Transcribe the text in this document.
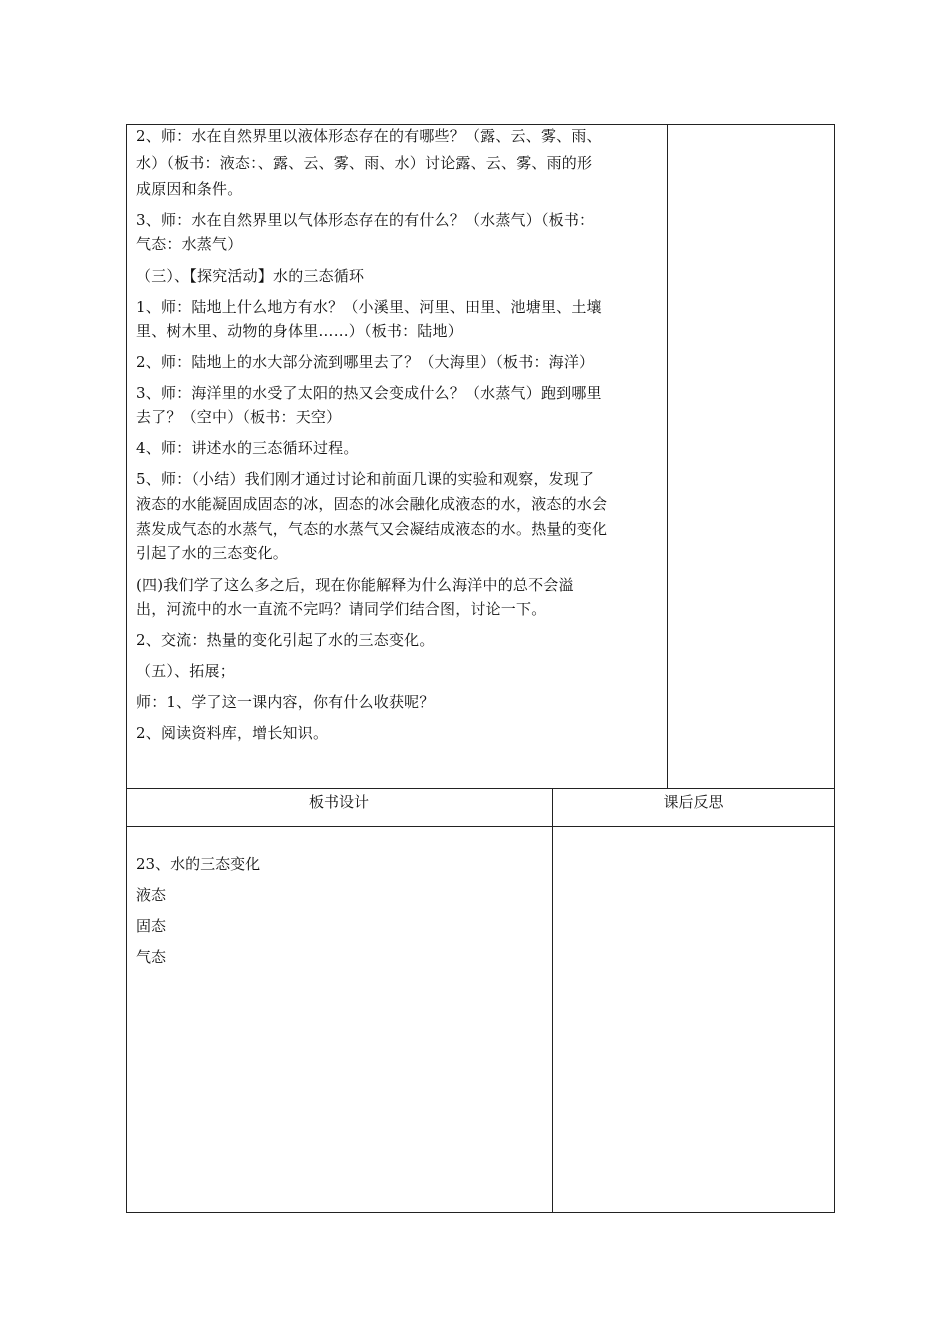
2、师：水在自然界里以液体形态存在的有哪些？（露、云、雾、雨、
水）（板书：液态：、露、云、雾、雨、水）讨论露、云、雾、雨的形
成原因和条件。
3、师：水在自然界里以气体形态存在的有什么？（水蒸气）（板书：
气态：水蒸气）
（三）、【探究活动】水的三态循环
1、师：陆地上什么地方有水？（小溪里、河里、田里、池塘里、土壤
里、树木里、动物的身体里……）（板书：陆地）
2、师：陆地上的水大部分流到哪里去了？（大海里）（板书：海洋）
3、师：海洋里的水受了太阳的热又会变成什么？（水蒸气）跑到哪里
去了？（空中）（板书：天空）
4、师：讲述水的三态循环过程。
5、师：（小结）我们刚才通过讨论和前面几课的实验和观察，发现了
液态的水能凝固成固态的冰，固态的冰会融化成液态的水，液态的水会
蒸发成气态的水蒸气，气态的水蒸气又会凝结成液态的水。热量的变化
引起了水的三态变化。
(四)我们学了这么多之后，现在你能解释为什么海洋中的总不会溢
出，河流中的水一直流不完吗？请同学们结合图，讨论一下。
2、交流：热量的变化引起了水的三态变化。
（五）、拓展；
师：1、学了这一课内容，你有什么收获呢？
2、阅读资料库，增长知识。
板书设计	课后反思
23、水的三态变化
液态
固态
气态
